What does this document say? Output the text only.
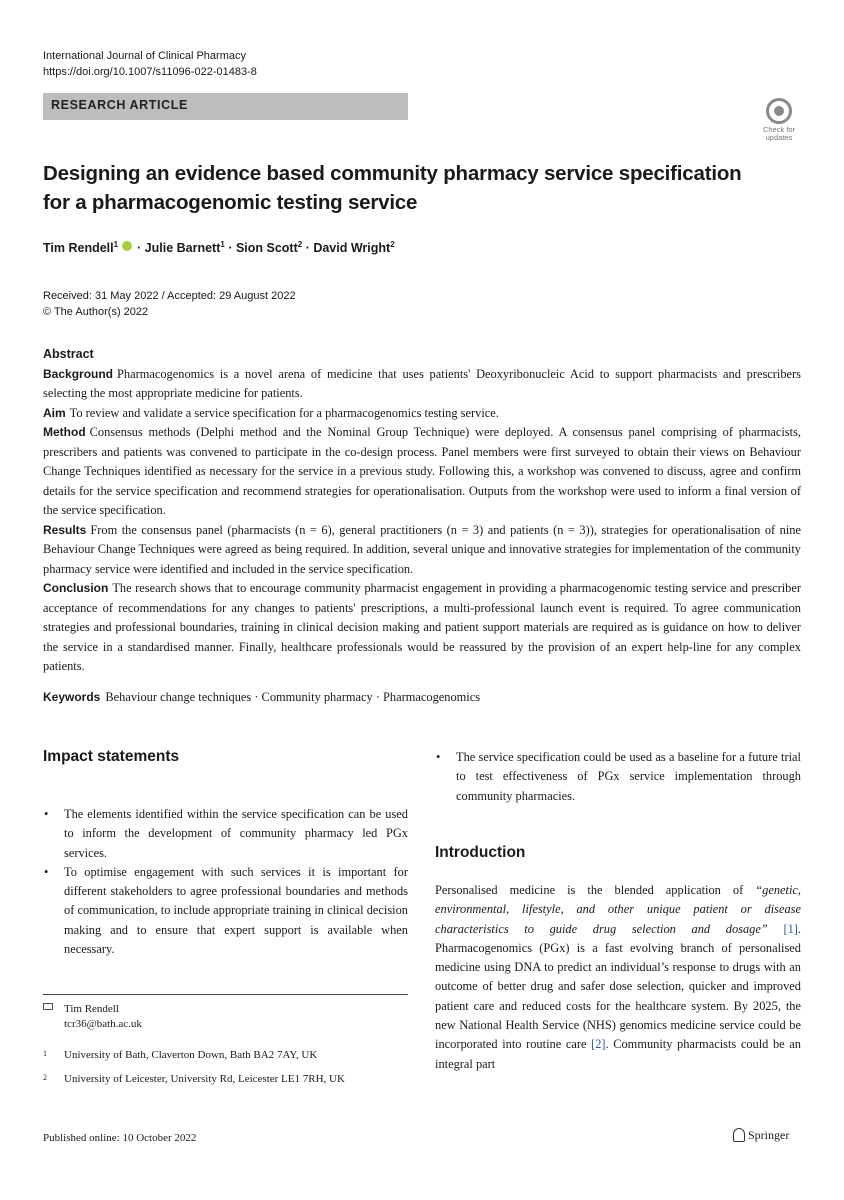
International Journal of Clinical Pharmacy
https://doi.org/10.1007/s11096-022-01483-8
RESEARCH ARTICLE
Check for
updates
Designing an evidence based community pharmacy service specification for a pharmacogenomic testing service
Tim Rendell$^1$  · Julie Barnett$^1$ · Sion Scott$^2$ · David Wright$^2$
Received: 31 May 2022 / Accepted: 29 August 2022
© The Author(s) 2022
Abstract

Background Pharmacogenomics is a novel arena of medicine that uses patients' Deoxyribonucleic Acid to support pharmacists and prescribers selecting the most appropriate medicine for patients.

Aim To review and validate a service specification for a pharmacogenomics testing service.

Method Consensus methods (Delphi method and the Nominal Group Technique) were deployed. A consensus panel comprising of pharmacists, prescribers and patients was convened to participate in the co-design process. Panel members were first surveyed to obtain their views on Behaviour Change Techniques identified as necessary for the service in a previous study. Following this, a workshop was convened to discuss, agree and confirm details for the service specification and recommend strategies for operationalisation. Outputs from the workshop were used to inform a final version of the service specification.

Results From the consensus panel (pharmacists (n = 6), general practitioners (n = 3) and patients (n = 3)), strategies for operationalisation of nine Behaviour Change Techniques were agreed as being required. In addition, several unique and innovative strategies for implementation of the community pharmacy service were identified and included in the service specification.

Conclusion The research shows that to encourage community pharmacist engagement in providing a pharmacogenomic testing service and prescriber acceptance of recommendations for any changes to patients' prescriptions, a multi-professional launch event is required. To agree communication strategies and professional boundaries, training in clinical decision making and patient support materials are required as is guidance on how to deliver the service in a standardised manner. Finally, healthcare professionals would be reassured by the provision of an expert help-line for any complex patients.

Keywords Behaviour change techniques · Community pharmacy · Pharmacogenomics
Impact statements
• The elements identified within the service specification can be used to inform the development of community pharmacy led PGx services.
• To optimise engagement with such services it is important for different stakeholders to agree professional boundaries and methods of communication, to include appropriate training in clinical decision making and to ensure that expert support is available when necessary.
• The service specification could be used as a baseline for a future trial to test effectiveness of PGx service implementation through community pharmacies.
Tim Rendell
tcr36@bath.ac.uk
1	University of Bath, Claverton Down, Bath BA2 7AY, UK
2	University of Leicester, University Rd, Leicester LE1 7RH, UK
Introduction

Personalised medicine is the blended application of “genetic, environmental, lifestyle, and other unique patient or disease characteristics to guide drug selection and dosage” [1]. Pharmacogenomics (PGx) is a fast evolving branch of personalised medicine using DNA to predict an individual’s response to drugs with an outcome of better drug and safer dose selection, quicker and improved patient care and reduced costs for the healthcare system. By 2025, the new National Health Service (NHS) genomics medicine service could be incorporated into routine care [2]. Community pharmacists could be an integral part

Published online: 10 October 2022	Springer
